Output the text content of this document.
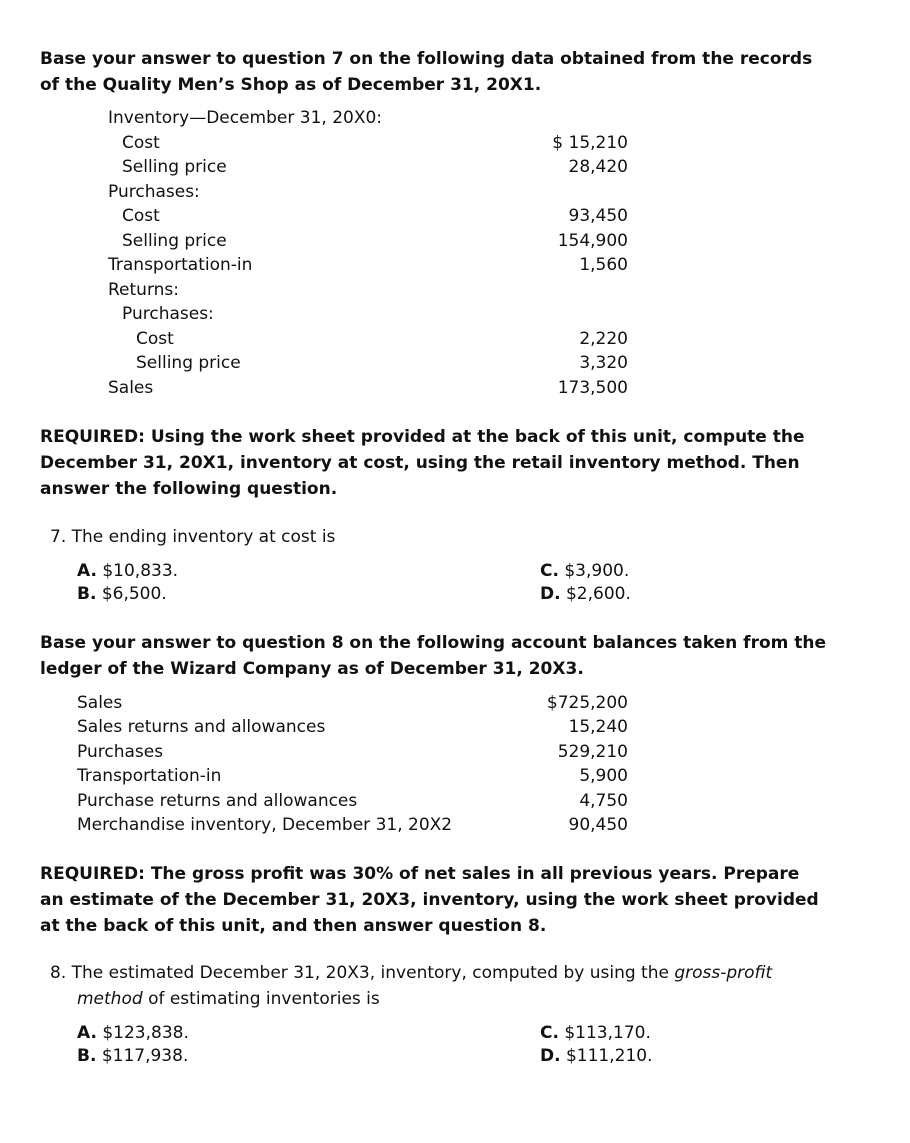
Base your answer to question 7 on the following data obtained from the records
of the Quality Men’s Shop as of December 31, 20X1.
Inventory—December 31, 20X0:
Cost	$ 15,210
Selling price	28,420
Purchases:
Cost	93,450
Selling price	154,900
Transportation-in	1,560
Returns:
Purchases:
Cost	2,220
Selling price	3,320
Sales	173,500
REQUIRED: Using the work sheet provided at the back of this unit, compute the
December 31, 20X1, inventory at cost, using the retail inventory method. Then
answer the following question.
7. The ending inventory at cost is
A. $10,833.
B. $6,500.
C. $3,900.
D. $2,600.
Base your answer to question 8 on the following account balances taken from the
ledger of the Wizard Company as of December 31, 20X3.
Sales	$725,200
Sales returns and allowances	15,240
Purchases	529,210
Transportation-in	5,900
Purchase returns and allowances	4,750
Merchandise inventory, December 31, 20X2	90,450
REQUIRED: The gross profit was 30% of net sales in all previous years. Prepare
an estimate of the December 31, 20X3, inventory, using the work sheet provided
at the back of this unit, and then answer question 8.
8. The estimated December 31, 20X3, inventory, computed by using the gross-profit
method of estimating inventories is
A. $123,838.
B. $117,938.
C. $113,170.
D. $111,210.
